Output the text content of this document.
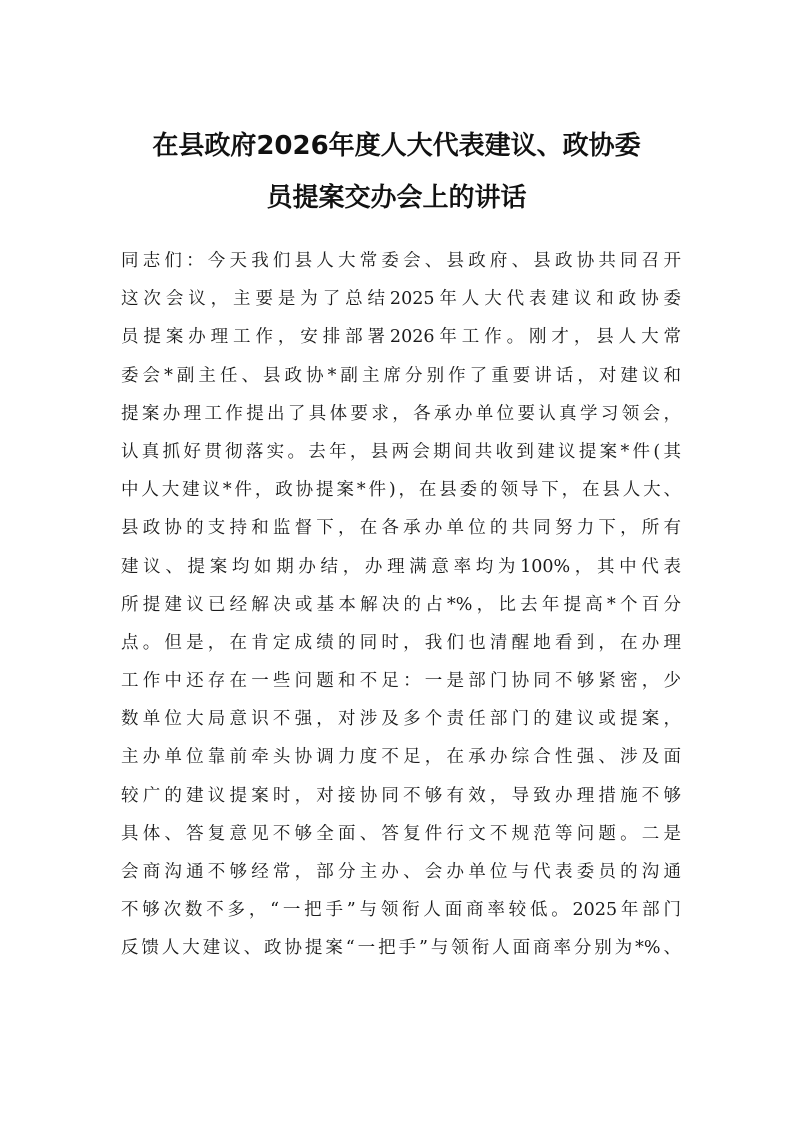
在县政府2026年度人大代表建议、政协委
员提案交办会上的讲话
同志们：今天我们县人大常委会、县政府、县政协共同召开
这次会议，主要是为了总结2025年人大代表建议和政协委
员提案办理工作，安排部署2026年工作。刚才，县人大常
委会*副主任、县政协*副主席分别作了重要讲话，对建议和
提案办理工作提出了具体要求，各承办单位要认真学习领会，
认真抓好贯彻落实。去年，县两会期间共收到建议提案*件(其
中人大建议*件，政协提案*件)，在县委的领导下，在县人大、
县政协的支持和监督下，在各承办单位的共同努力下，所有
建议、提案均如期办结，办理满意率均为100%，其中代表
所提建议已经解决或基本解决的占*%，比去年提高*个百分
点。但是，在肯定成绩的同时，我们也清醒地看到，在办理
工作中还存在一些问题和不足：一是部门协同不够紧密，少
数单位大局意识不强，对涉及多个责任部门的建议或提案，
主办单位靠前牵头协调力度不足，在承办综合性强、涉及面
较广的建议提案时，对接协同不够有效，导致办理措施不够
具体、答复意见不够全面、答复件行文不规范等问题。二是
会商沟通不够经常，部分主办、会办单位与代表委员的沟通
不够次数不多，“一把手”与领衔人面商率较低。2025年部门
反馈人大建议、政协提案“一把手”与领衔人面商率分别为*%、
